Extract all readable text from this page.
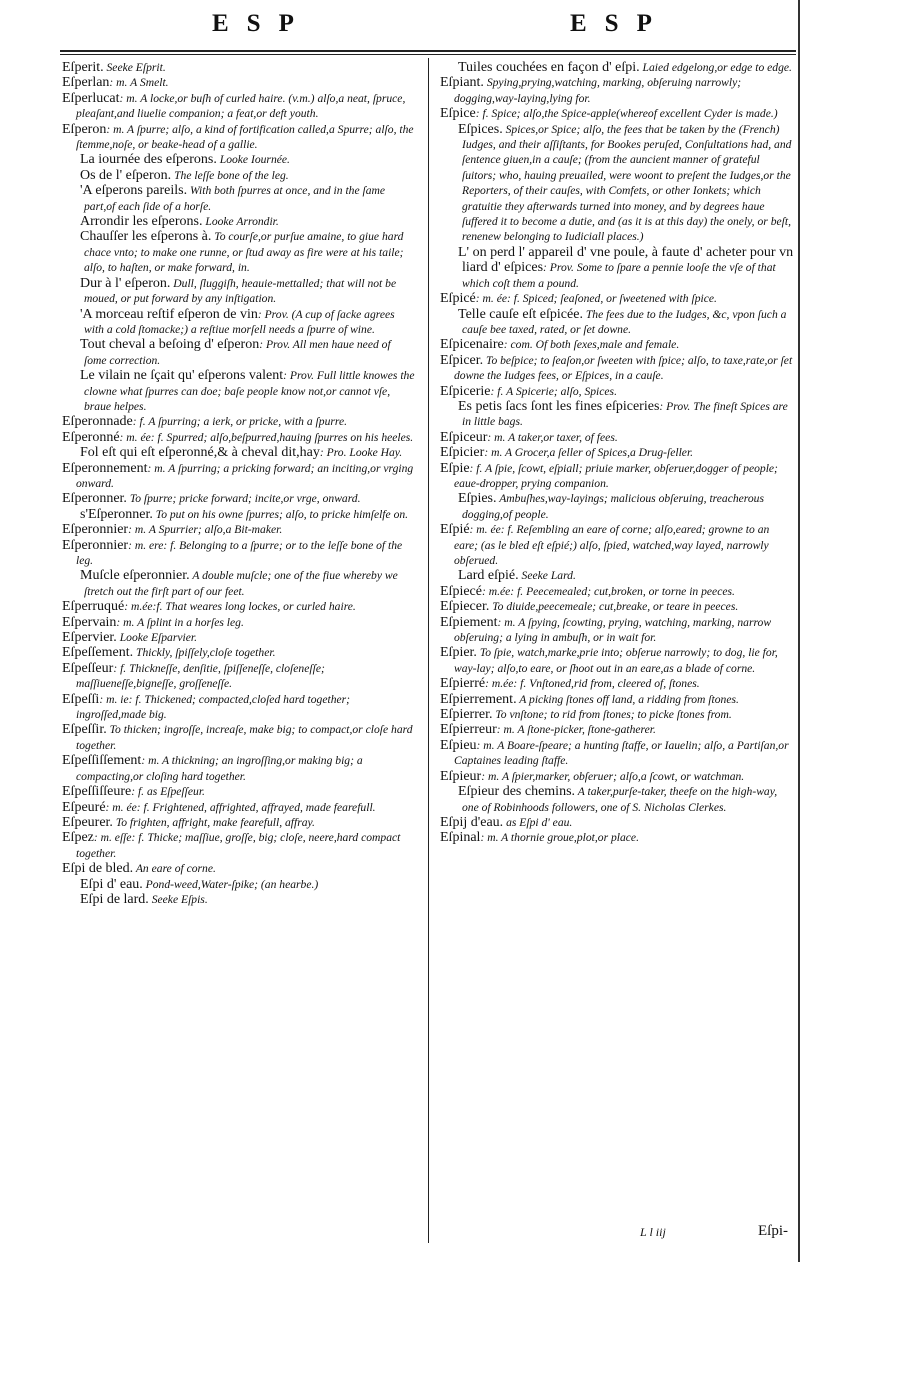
ESP	ESP

Eſperit. Seeke Eſprit.

Eſperlan: m. A Smelt.

Eſperlucat: m. A locke,or buſh of curled haire. (v.m.) alſo,a neat, ſpruce, pleaſant,and liuelie companion; a feat,or deft youth.

Eſperon: m. A ſpurre; alſo, a kind of fortification called,a Spurre; alſo, the ſtemme,noſe, or beake-head of a gallie.

La iournée des eſperons. Looke Iournée.

Os de l' eſperon. The leſſe bone of the leg.

'A eſperons pareils. With both ſpurres at once, and in the ſame part,of each ſide of a horſe.

Arrondir les eſperons. Looke Arrondir.

Chauſſer les eſperons à. To courſe,or purſue amaine, to giue hard chace vnto; to make one runne, or ſtud away as fire were at his taile; alſo, to haſten, or make forward, in.

Dur à l' eſperon. Dull, ſluggiſh, heauie-mettalled; that will not be moued, or put forward by any inſtigation.

'A morceau reſtif eſperon de vin: Prov. (A cup of ſacke agrees with a cold ſtomacke;) a reſtiue morſell needs a ſpurre of wine.

Tout cheval a beſoing d' eſperon: Prov. All men haue need of ſome correction.

Le vilain ne ſçait qu' eſperons valent: Prov. Full little knowes the clowne what ſpurres can doe; baſe people know not,or cannot vſe, braue helpes.

Eſperonnade: f. A ſpurring; a ierk, or pricke, with a ſpurre.

Eſperonné: m. ée: f. Spurred; alſo,beſpurred,hauing ſpurres on his heeles.

Fol eſt qui eſt eſperonné,& à cheval dit,hay: Pro. Looke Hay.

Eſperonnement: m. A ſpurring; a pricking forward; an inciting,or vrging onward.

Eſperonner. To ſpurre; pricke forward; incite,or vrge, onward.

s'Eſperonner. To put on his owne ſpurres; alſo, to pricke himſelfe on.

Eſperonnier: m. A Spurrier; alſo,a Bit-maker.

Eſperonnier: m. ere: f. Belonging to a ſpurre; or to the leſſe bone of the leg.

Muſcle eſperonnier. A double muſcle; one of the fiue whereby we ſtretch out the firſt part of our feet.

Eſperruqué: m.ée:f. That weares long lockes, or curled haire.

Eſpervain: m. A ſplint in a horſes leg.

Eſpervier. Looke Eſparvier.

Eſpeſſement. Thickly, ſpiſſely,cloſe together.

Eſpeſſeur: f. Thickneſſe, denſitie, ſpiſſeneſſe, cloſeneſſe; maſſiueneſſe,bigneſſe, groſſeneſſe.

Eſpeſſi: m. ie: f. Thickened; compacted,cloſed hard together; ingroſſed,made big.

Eſpeſſir. To thicken; ingroſſe, increaſe, make big; to compact,or cloſe hard together.

Eſpeſſiſſement: m. A thickning; an ingroſſing,or making big; a compacting,or cloſing hard together.

Eſpeſſiſſeure: f. as Eſpeſſeur.

Eſpeuré: m. ée: f. Frightened, affrighted, affrayed, made fearefull.

Eſpeurer. To frighten, affright, make fearefull, affray.

Eſpez: m. eſſe: f. Thicke; maſſiue, groſſe, big; cloſe, neere,hard compact together.

Eſpi de bled. An eare of corne.

Eſpi d' eau. Pond-weed,Water-ſpike; (an hearbe.)

Eſpi de lard. Seeke Eſpis.

Tuiles couchées en façon d' eſpi. Laied edgelong,or edge to edge.

Eſpiant. Spying,prying,watching, marking, obſeruing narrowly; dogging,way-laying,lying for.

Eſpice: f. Spice; alſo,the Spice-apple(whereof excellent Cyder is made.)

Eſpices. Spices,or Spice; alſo, the fees that be taken by the (French) Iudges, and their aſſiſtants, for Bookes peruſed, Conſultations had, and ſentence giuen,in a cauſe; (from the auncient manner of grateful ſuitors; who, hauing preuailed, were woont to preſent the Iudges,or the Reporters, of their cauſes, with Comfets, or other Ionkets; which gratuitie they afterwards turned into money, and by degrees haue ſuffered it to become a dutie, and (as it is at this day) the onely, or beſt, renenew belonging to Iudiciall places.)

L' on perd l' appareil d' vne poule, à faute d' acheter pour vn liard d' eſpices: Prov. Some to ſpare a pennie looſe the vſe of that which coſt them a pound.

Eſpicé: m. ée: f. Spiced; ſeaſoned, or ſweetened with ſpice.

Telle cauſe eſt eſpicée. The fees due to the Iudges, &c, vpon ſuch a cauſe bee taxed, rated, or ſet downe.

Eſpicenaire: com. Of both ſexes,male and female.

Eſpicer. To beſpice; to ſeaſon,or ſweeten with ſpice; alſo, to taxe,rate,or ſet downe the Iudges fees, or Eſpices, in a cauſe.

Eſpicerie: f. A Spicerie; alſo, Spices.

Es petis ſacs ſont les fines eſpiceries: Prov. The fineſt Spices are in little bags.

Eſpiceur: m. A taker,or taxer, of fees.

Eſpicier: m. A Grocer,a ſeller of Spices,a Drug-ſeller.

Eſpie: f. A ſpie, ſcowt, eſpiall; priuie marker, obſeruer,dogger of people; eaue-dropper, prying companion.

Eſpies. Ambuſhes,way-layings; malicious obſeruing, treacherous dogging,of people.

Eſpié: m. ée: f. Reſembling an eare of corne; alſo,eared; growne to an eare; (as le bled eſt eſpié;) alſo, ſpied, watched,way layed, narrowly obſerued.

Lard eſpié. Seeke Lard.

Eſpiecé: m.ée: f. Peecemealed; cut,broken, or torne in peeces.

Eſpiecer. To diuide,peecemeale; cut,breake, or teare in peeces.

Eſpiement: m. A ſpying, ſcowting, prying, watching, marking, narrow obſeruing; a lying in ambuſh, or in wait for.

Eſpier. To ſpie, watch,marke,prie into; obſerue narrowly; to dog, lie for, way-lay; alſo,to eare, or ſhoot out in an eare,as a blade of corne.

Eſpierré: m.ée: f. Vnſtoned,rid from, cleered of, ſtones.

Eſpierrement. A picking ſtones off land, a ridding from ſtones.

Eſpierrer. To vnſtone; to rid from ſtones; to picke ſtones from.

Eſpierreur: m. A ſtone-picker, ſtone-gatherer.

Eſpieu: m. A Boare-ſpeare; a hunting ſtaffe, or Iauelin; alſo, a Partiſan,or Captaines leading ſtaffe.

Eſpieur: m. A ſpier,marker, obſeruer; alſo,a ſcowt, or watchman.

Eſpieur des chemins. A taker,purſe-taker, theefe on the high-way, one of Robinhoods followers, one of S. Nicholas Clerkes.

Eſpij d'eau. as Eſpi d' eau.

Eſpinal: m. A thornie groue,plot,or place.

L l iij	Eſpi-
